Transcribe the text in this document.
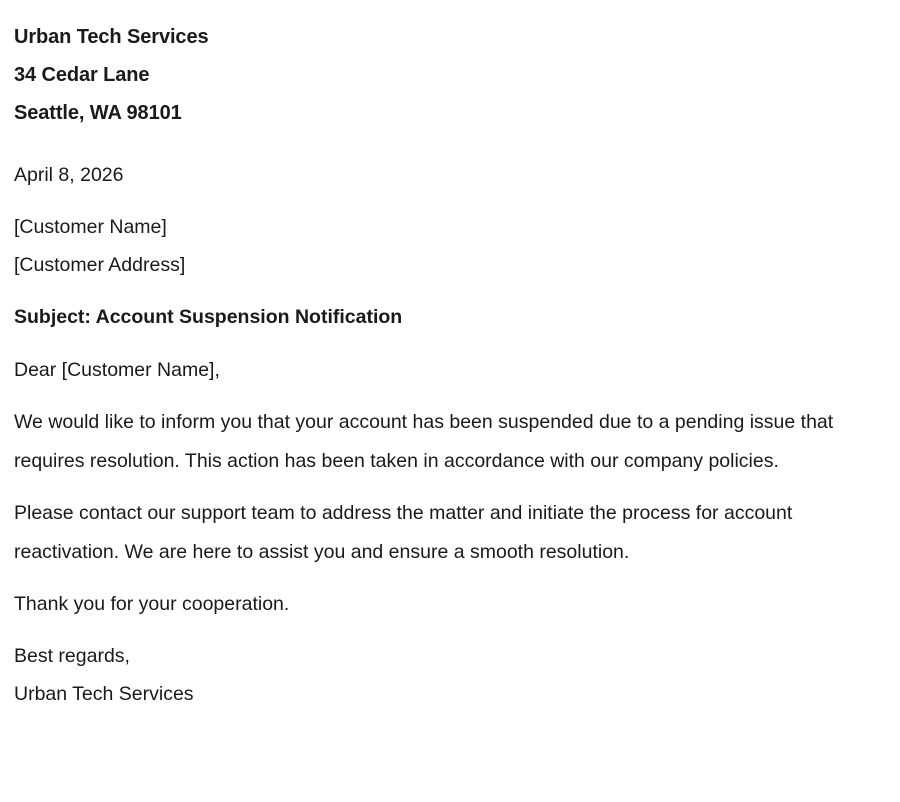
Urban Tech Services
34 Cedar Lane
Seattle, WA 98101
April 8, 2026
[Customer Name]
[Customer Address]
Subject: Account Suspension Notification
Dear [Customer Name],

We would like to inform you that your account has been suspended due to a pending issue that requires resolution. This action has been taken in accordance with our company policies.

Please contact our support team to address the matter and initiate the process for account reactivation. We are here to assist you and ensure a smooth resolution.

Thank you for your cooperation.

Best regards,
Urban Tech Services
